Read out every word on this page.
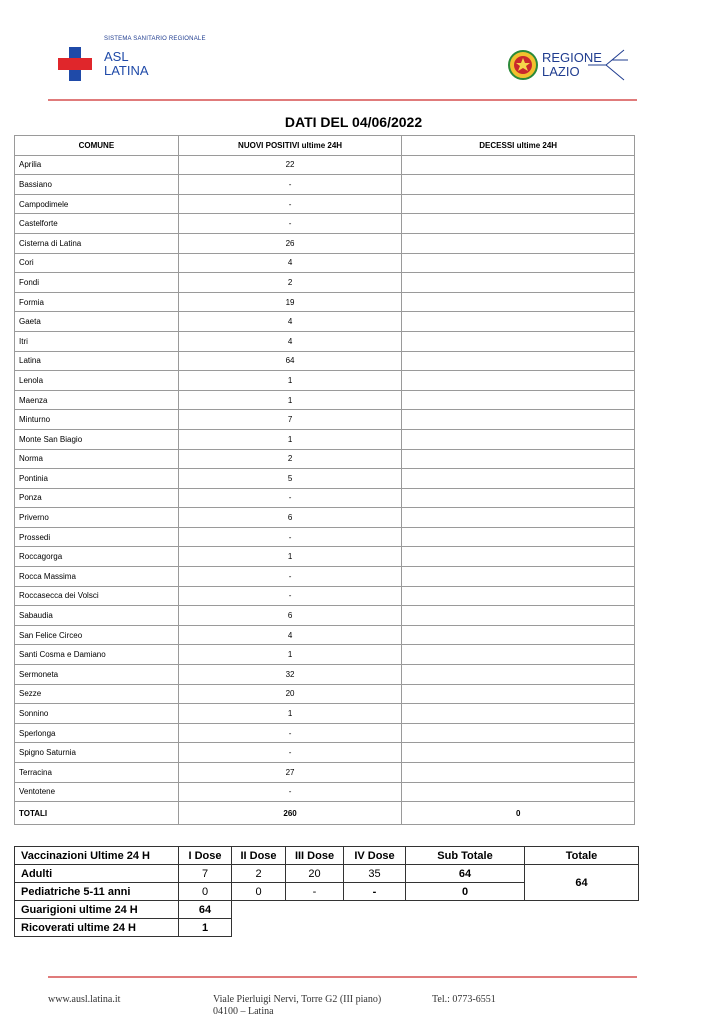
SISTEMA SANITARIO REGIONALE
ASL
LATINA
REGIONE
LAZIO
DATI DEL 04/06/2022
COMUNE	NUOVI POSITIVI ultime 24H	DECESSI ultime 24H
Aprilia	22	
Bassiano	-	
Campodimele	-	
Castelforte	-	
Cisterna di Latina	26	
Cori	4	
Fondi	2	
Formia	19	
Gaeta	4	
Itri	4	
Latina	64	
Lenola	1	
Maenza	1	
Minturno	7	
Monte San Biagio	1	
Norma	2	
Pontinia	5	
Ponza	-	
Priverno	6	
Prossedi	-	
Roccagorga	1	
Rocca Massima	-	
Roccasecca dei Volsci	-	
Sabaudia	6	
San Felice Circeo	4	
Santi Cosma e Damiano	1	
Sermoneta	32	
Sezze	20	
Sonnino	1	
Sperlonga	-	
Spigno Saturnia	-	
Terracina	27	
Ventotene	-	
TOTALI	260	0
Vaccinazioni Ultime 24 H	I Dose	II Dose	III Dose	IV Dose	Sub Totale	Totale
Adulti	7	2	20	35	64	64
Pediatriche 5-11 anni	0	0	-	-	0	
Guarigioni ultime 24 H	64					
Ricoverati ultime 24 H	1					
www.ausl.latina.it	Viale Pierluigi Nervi, Torre G2 (III piano)
04100 – Latina
Tel.: 0773-6551
